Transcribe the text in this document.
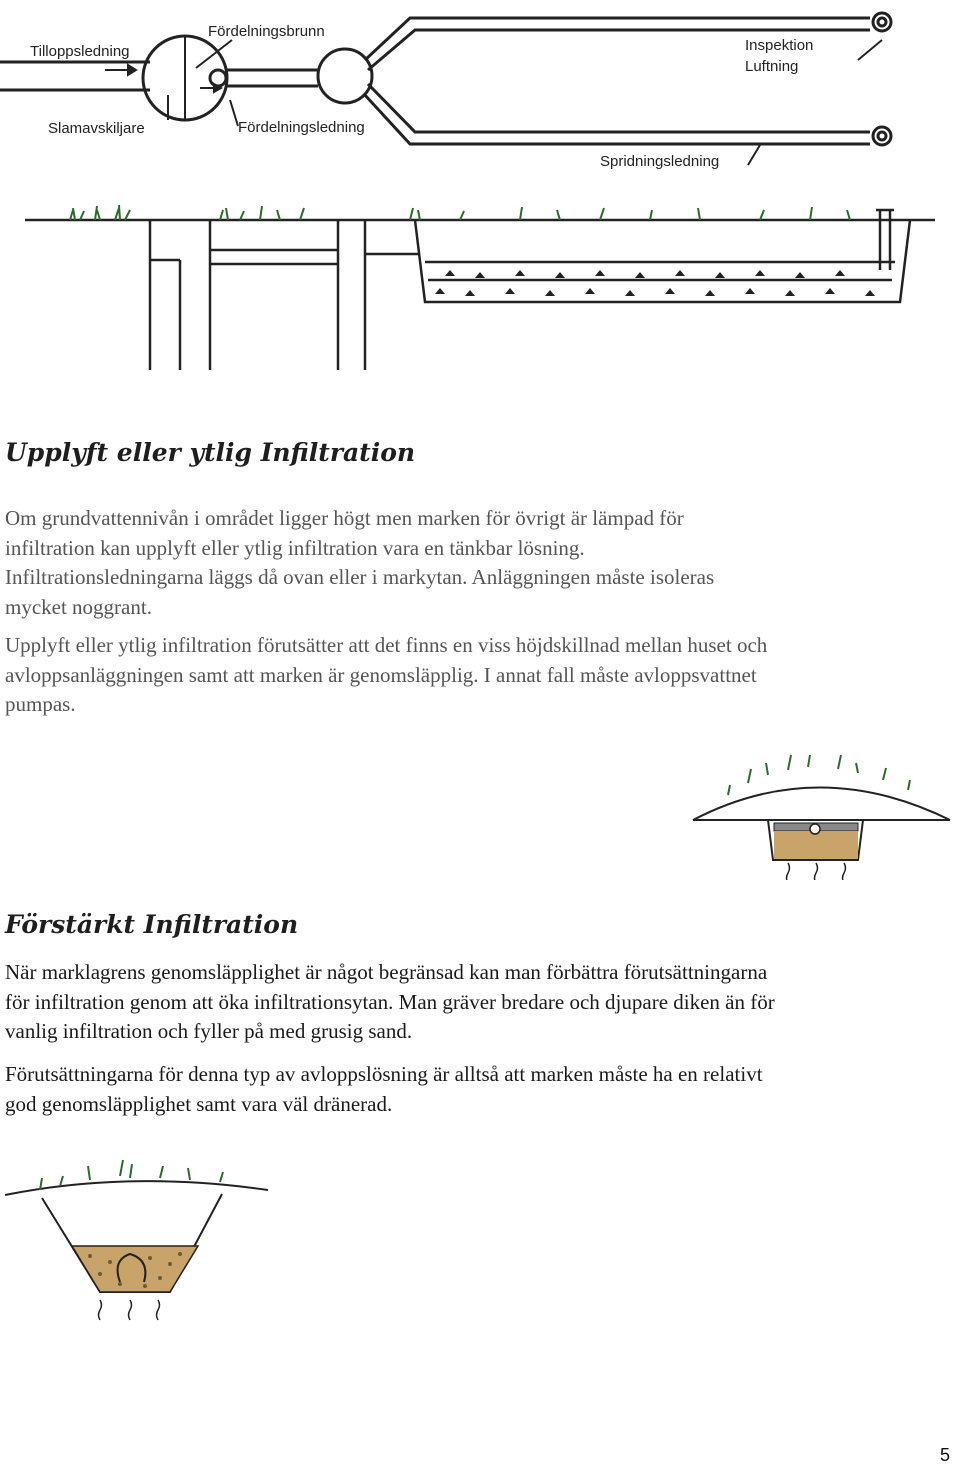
Tilloppsledning
Slamavskiljare
Fördelningsbrunn
Fördelningsledning
Inspektion
Luftning
Spridningsledning
Upplyft eller ytlig Infiltration
Om grundvattennivån i området ligger högt men marken för övrigt är lämpad för
infiltration kan upplyft eller ytlig infiltration vara en tänkbar lösning.
Infiltrationsledningarna läggs då ovan eller i markytan. Anläggningen måste isoleras
mycket noggrant.
Upplyft eller ytlig infiltration förutsätter att det finns en viss höjdskillnad mellan huset och
avloppsanläggningen samt att marken är genomsläpplig. I annat fall måste avloppsvattnet
pumpas.
Förstärkt Infiltration
När marklagrens genomsläpplighet är något begränsad kan man förbättra förutsättningarna
för infiltration genom att öka infiltrationsytan. Man gräver bredare och djupare diken än för
vanlig infiltration och fyller på med grusig sand.
Förutsättningarna för denna typ av avloppslösning är alltså att marken måste ha en relativt
god genomsläpplighet samt vara väl dränerad.
5
